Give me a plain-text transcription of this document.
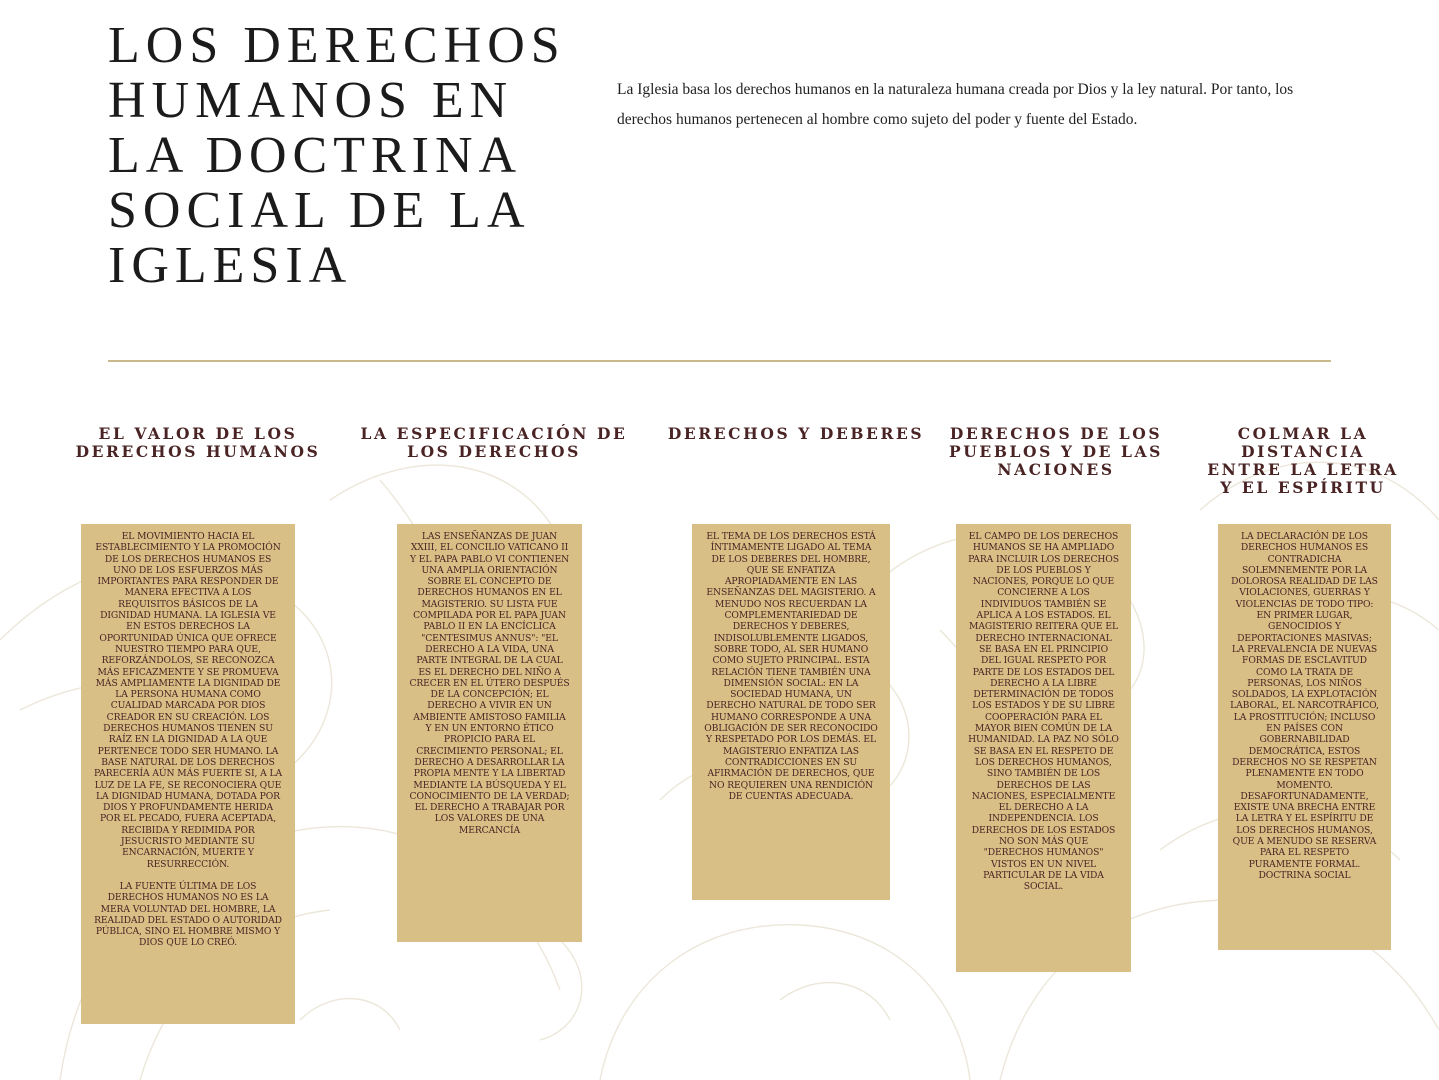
LOS DERECHOS HUMANOS EN LA DOCTRINA SOCIAL DE LA IGLESIA

La Iglesia basa los derechos humanos en la naturaleza humana creada por Dios y la ley natural. Por tanto, los derechos humanos pertenecen al hombre como sujeto del poder y fuente del Estado.

EL VALOR DE LOS DERECHOS HUMANOS

EL MOVIMIENTO HACIA EL ESTABLECIMIENTO Y LA PROMOCIÓN DE LOS DERECHOS HUMANOS ES UNO DE LOS ESFUERZOS MÁS IMPORTANTES PARA RESPONDER DE MANERA EFECTIVA A LOS REQUISITOS BÁSICOS DE LA DIGNIDAD HUMANA. LA IGLESIA VE EN ESTOS DERECHOS LA OPORTUNIDAD ÚNICA QUE OFRECE NUESTRO TIEMPO PARA QUE, REFORZÁNDOLOS, SE RECONOZCA MÁS EFICAZMENTE Y SE PROMUEVA MÁS AMPLIAMENTE LA DIGNIDAD DE LA PERSONA HUMANA COMO CUALIDAD MARCADA POR DIOS CREADOR EN SU CREACIÓN. LOS DERECHOS HUMANOS TIENEN SU RAÍZ EN LA DIGNIDAD A LA QUE PERTENECE TODO SER HUMANO. LA BASE NATURAL DE LOS DERECHOS PARECERÍA AÚN MÁS FUERTE SI, A LA LUZ DE LA FE, SE RECONOCIERA QUE LA DIGNIDAD HUMANA, DOTADA POR DIOS Y PROFUNDAMENTE HERIDA POR EL PECADO, FUERA ACEPTADA, RECIBIDA Y REDIMIDA POR JESUCRISTO MEDIANTE SU ENCARNACIÓN, MUERTE Y RESURRECCIÓN.

LA FUENTE ÚLTIMA DE LOS DERECHOS HUMANOS NO ES LA MERA VOLUNTAD DEL HOMBRE, LA REALIDAD DEL ESTADO O AUTORIDAD PÚBLICA, SINO EL HOMBRE MISMO Y DIOS QUE LO CREÓ.

LA ESPECIFICACIÓN DE LOS DERECHOS

LAS ENSEÑANZAS DE JUAN XXIII, EL CONCILIO VATICANO II Y EL PAPA PABLO VI CONTIENEN UNA AMPLIA ORIENTACIÓN SOBRE EL CONCEPTO DE DERECHOS HUMANOS EN EL MAGISTERIO. SU LISTA FUE COMPILADA POR EL PAPA JUAN PABLO II EN LA ENCÍCLICA "CENTESIMUS ANNUS": "EL DERECHO A LA VIDA, UNA PARTE INTEGRAL DE LA CUAL ES EL DERECHO DEL NIÑO A CRECER EN EL ÚTERO DESPUÉS DE LA CONCEPCIÓN; EL DERECHO A VIVIR EN UN AMBIENTE AMISTOSO FAMILIA Y EN UN ENTORNO ÉTICO PROPICIO PARA EL CRECIMIENTO PERSONAL; EL DERECHO A DESARROLLAR LA PROPIA MENTE Y LA LIBERTAD MEDIANTE LA BÚSQUEDA Y EL CONOCIMIENTO DE LA VERDAD; EL DERECHO A TRABAJAR POR LOS VALORES DE UNA MERCANCÍA

DERECHOS Y DEBERES

EL TEMA DE LOS DERECHOS ESTÁ ÍNTIMAMENTE LIGADO AL TEMA DE LOS DEBERES DEL HOMBRE, QUE SE ENFATIZA APROPIADAMENTE EN LAS ENSEÑANZAS DEL MAGISTERIO. A MENUDO NOS RECUERDAN LA COMPLEMENTARIEDAD DE DERECHOS Y DEBERES, INDISOLUBLEMENTE LIGADOS, SOBRE TODO, AL SER HUMANO COMO SUJETO PRINCIPAL. ESTA RELACIÓN TIENE TAMBIÉN UNA DIMENSIÓN SOCIAL: EN LA SOCIEDAD HUMANA, UN DERECHO NATURAL DE TODO SER HUMANO CORRESPONDE A UNA OBLIGACIÓN DE SER RECONOCIDO Y RESPETADO POR LOS DEMÁS. EL MAGISTERIO ENFATIZA LAS CONTRADICCIONES EN SU AFIRMACIÓN DE DERECHOS, QUE NO REQUIEREN UNA RENDICIÓN DE CUENTAS ADECUADA.

DERECHOS DE LOS PUEBLOS Y DE LAS NACIONES

EL CAMPO DE LOS DERECHOS HUMANOS SE HA AMPLIADO PARA INCLUIR LOS DERECHOS DE LOS PUEBLOS Y NACIONES, PORQUE LO QUE CONCIERNE A LOS INDIVIDUOS TAMBIÉN SE APLICA A LOS ESTADOS. EL MAGISTERIO REITERA QUE EL DERECHO INTERNACIONAL SE BASA EN EL PRINCIPIO DEL IGUAL RESPETO POR PARTE DE LOS ESTADOS DEL DERECHO A LA LIBRE DETERMINACIÓN DE TODOS LOS ESTADOS Y DE SU LIBRE COOPERACIÓN PARA EL MAYOR BIEN COMÚN DE LA HUMANIDAD. LA PAZ NO SÓLO SE BASA EN EL RESPETO DE LOS DERECHOS HUMANOS, SINO TAMBIÉN DE LOS DERECHOS DE LAS NACIONES, ESPECIALMENTE EL DERECHO A LA INDEPENDENCIA. LOS DERECHOS DE LOS ESTADOS NO SON MÁS QUE "DERECHOS HUMANOS" VISTOS EN UN NIVEL PARTICULAR DE LA VIDA SOCIAL.

COLMAR LA DISTANCIA ENTRE LA LETRA Y EL ESPÍRITU

LA DECLARACIÓN DE LOS DERECHOS HUMANOS ES CONTRADICHA SOLEMNEMENTE POR LA DOLOROSA REALIDAD DE LAS VIOLACIONES, GUERRAS Y VIOLENCIAS DE TODO TIPO: EN PRIMER LUGAR, GENOCIDIOS Y DEPORTACIONES MASIVAS; LA PREVALENCIA DE NUEVAS FORMAS DE ESCLAVITUD COMO LA TRATA DE PERSONAS, LOS NIÑOS SOLDADOS, LA EXPLOTACIÓN LABORAL, EL NARCOTRÁFICO, LA PROSTITUCIÓN; INCLUSO EN PAÍSES CON GOBERNABILIDAD DEMOCRÁTICA, ESTOS DERECHOS NO SE RESPETAN PLENAMENTE EN TODO MOMENTO. DESAFORTUNADAMENTE, EXISTE UNA BRECHA ENTRE LA LETRA Y EL ESPÍRITU DE LOS DERECHOS HUMANOS, QUE A MENUDO SE RESERVA PARA EL RESPETO PURAMENTE FORMAL. DOCTRINA SOCIAL
